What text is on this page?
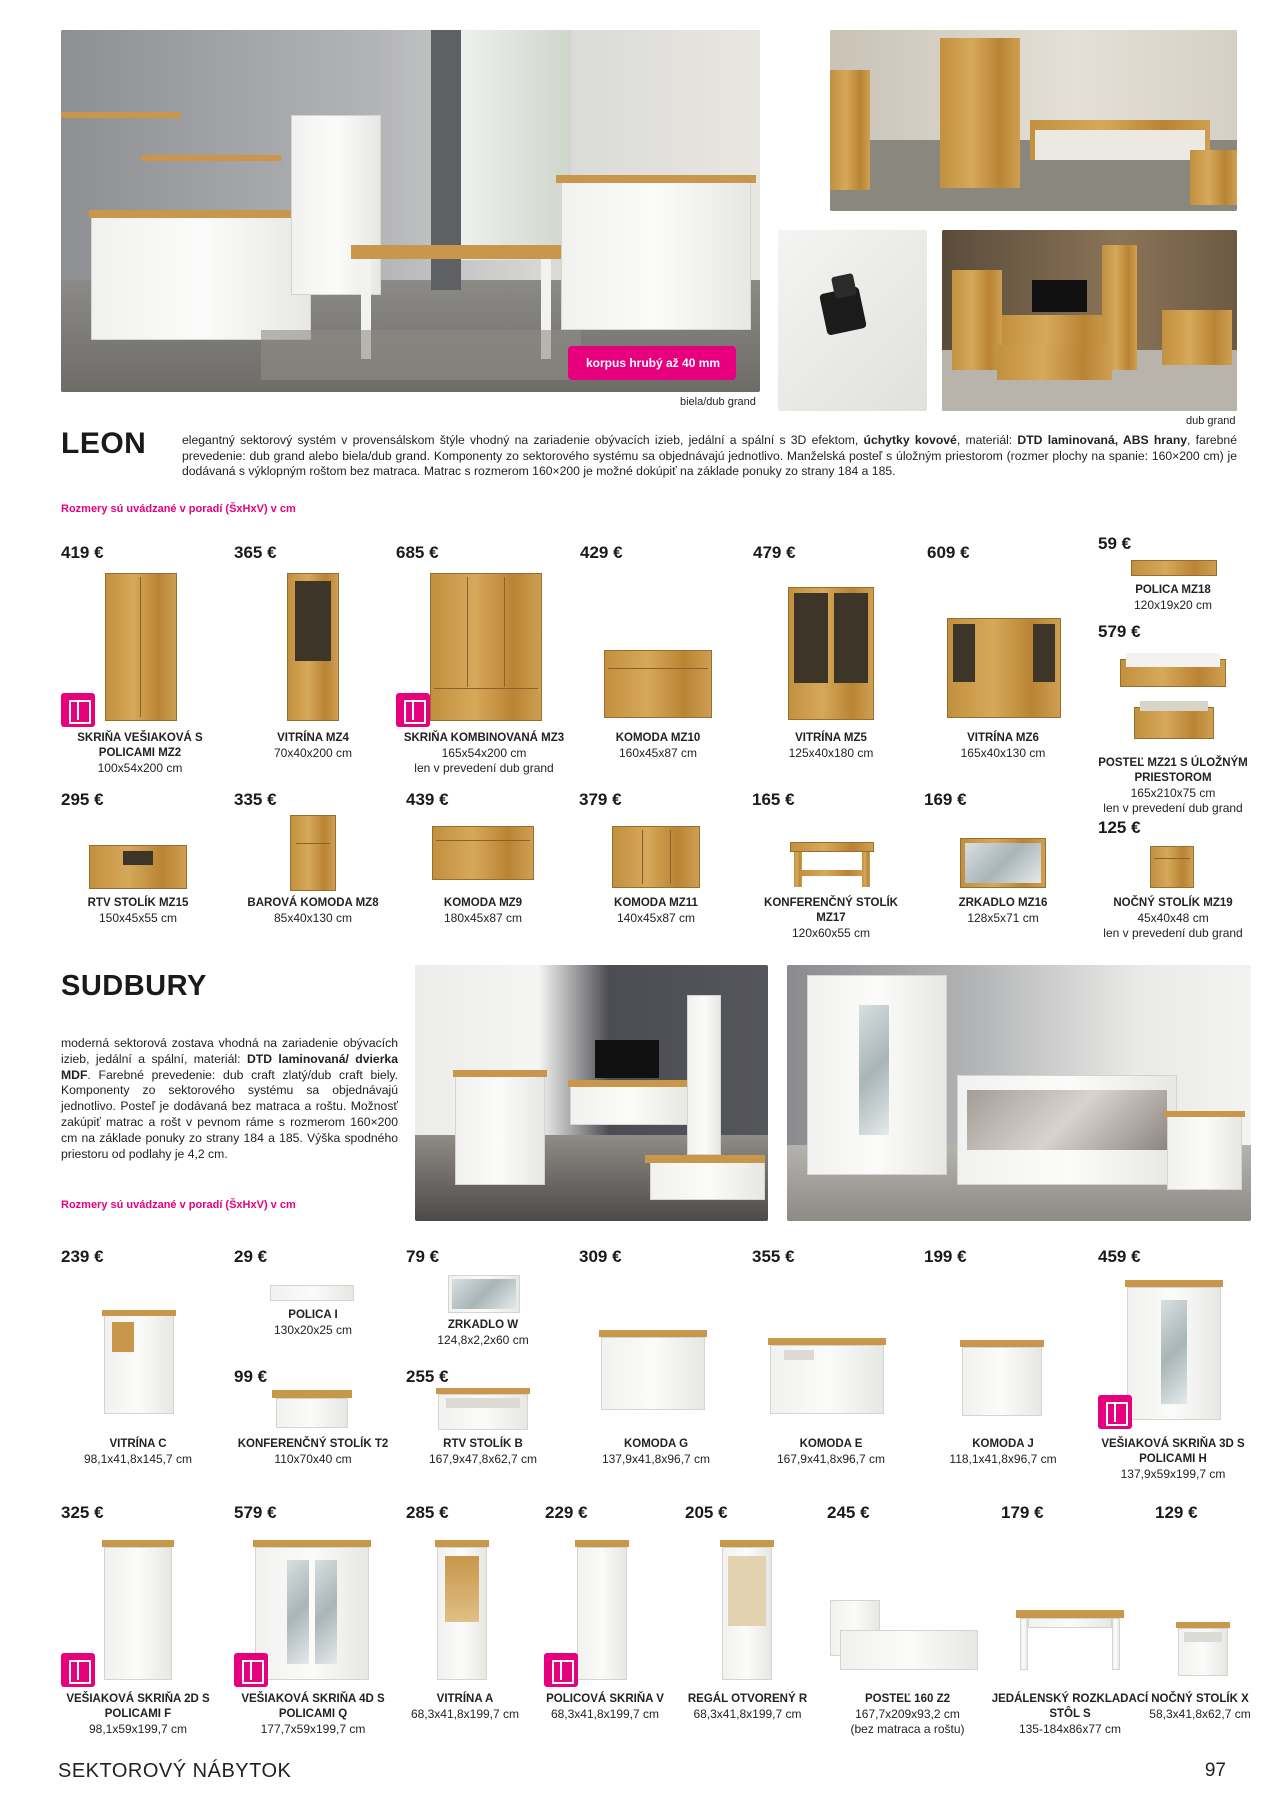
korpus hrubý až 40 mm
biela/dub grand
dub grand
LEON	elegantný sektorový systém v provensálskom štýle vhodný na zariadenie obývacích izieb, jedální a spální s 3D efektom, úchytky kovové, materiál: DTD laminovaná, ABS hrany, farebné prevedenie: dub grand alebo biela/dub grand. Komponenty zo sektorového systému sa objednávajú jednotlivo. Manželská posteľ s úložným priestorom (rozmer plochy na spanie: 160×200 cm) je dodávaná s výklopným roštom bez matraca. Matrac s rozmerom 160×200 je možné dokúpiť na základe ponuky zo strany 184 a 185.
Rozmery sú uvádzané v poradí (ŠxHxV) v cm
419 €
SKRIŇA VEŠIAKOVÁ S POLICAMI MZ2
100x54x200 cm
365 €
VITRÍNA MZ4
70x40x200 cm
685 €
SKRIŇA KOMBINOVANÁ MZ3
165x54x200 cm
len v prevedení dub grand
429 €
KOMODA MZ10
160x45x87 cm
479 €
VITRÍNA MZ5
125x40x180 cm
609 €
VITRÍNA MZ6
165x40x130 cm
59 €
POLICA MZ18
120x19x20 cm
579 €
POSTEĽ MZ21 S ÚLOŽNÝM PRIESTOROM
165x210x75 cm
len v prevedení dub grand
295 €
RTV STOLÍK MZ15
150x45x55 cm
335 €
BAROVÁ KOMODA MZ8
85x40x130 cm
439 €
KOMODA MZ9
180x45x87 cm
379 €
KOMODA MZ11
140x45x87 cm
165 €
KONFERENČNÝ STOLÍK MZ17
120x60x55 cm
169 €
ZRKADLO MZ16
128x5x71 cm
125 €
NOČNÝ STOLÍK MZ19
45x40x48 cm
len v prevedení dub grand
SUDBURY
moderná sektorová zostava vhodná na zariadenie obývacích izieb, jedální a spální, materiál: DTD laminovaná/ dvierka MDF. Farebné prevedenie: dub craft zlatý/dub craft biely. Komponenty zo sektorového systému sa objednávajú jednotlivo. Posteľ je dodávaná bez matraca a roštu. Možnosť zakúpiť matrac a rošt v pevnom ráme s rozmerom 160×200 cm na základe ponuky zo strany 184 a 185. Výška spodného priestoru od podlahy je 4,2 cm.
Rozmery sú uvádzané v poradí (ŠxHxV) v cm
239 €
VITRÍNA C
98,1x41,8x145,7 cm
29 €
POLICA I
130x20x25 cm
99 €
KONFERENČNÝ STOLÍK T2
110x70x40 cm
79 €
ZRKADLO W
124,8x2,2x60 cm
255 €
RTV STOLÍK B
167,9x47,8x62,7 cm
309 €
KOMODA G
137,9x41,8x96,7 cm
355 €
KOMODA E
167,9x41,8x96,7 cm
199 €
KOMODA J
118,1x41,8x96,7 cm
459 €
VEŠIAKOVÁ SKRIŇA 3D S POLICAMI H
137,9x59x199,7 cm
325 €
VEŠIAKOVÁ SKRIŇA 2D S POLICAMI F
98,1x59x199,7 cm
579 €
VEŠIAKOVÁ SKRIŇA 4D S POLICAMI Q
177,7x59x199,7 cm
285 €
VITRÍNA A
68,3x41,8x199,7 cm
229 €
POLICOVÁ SKRIŇA V
68,3x41,8x199,7 cm
205 €
REGÁL OTVORENÝ R
68,3x41,8x199,7 cm
245 €
POSTEĽ 160 Z2
167,7x209x93,2 cm
(bez matraca a roštu)
179 €
JEDÁLENSKÝ ROZKLADACÍ STÔL S
135-184x86x77 cm
129 €
NOČNÝ STOLÍK X
58,3x41,8x62,7 cm
SEKTOROVÝ NÁBYTOK	97
